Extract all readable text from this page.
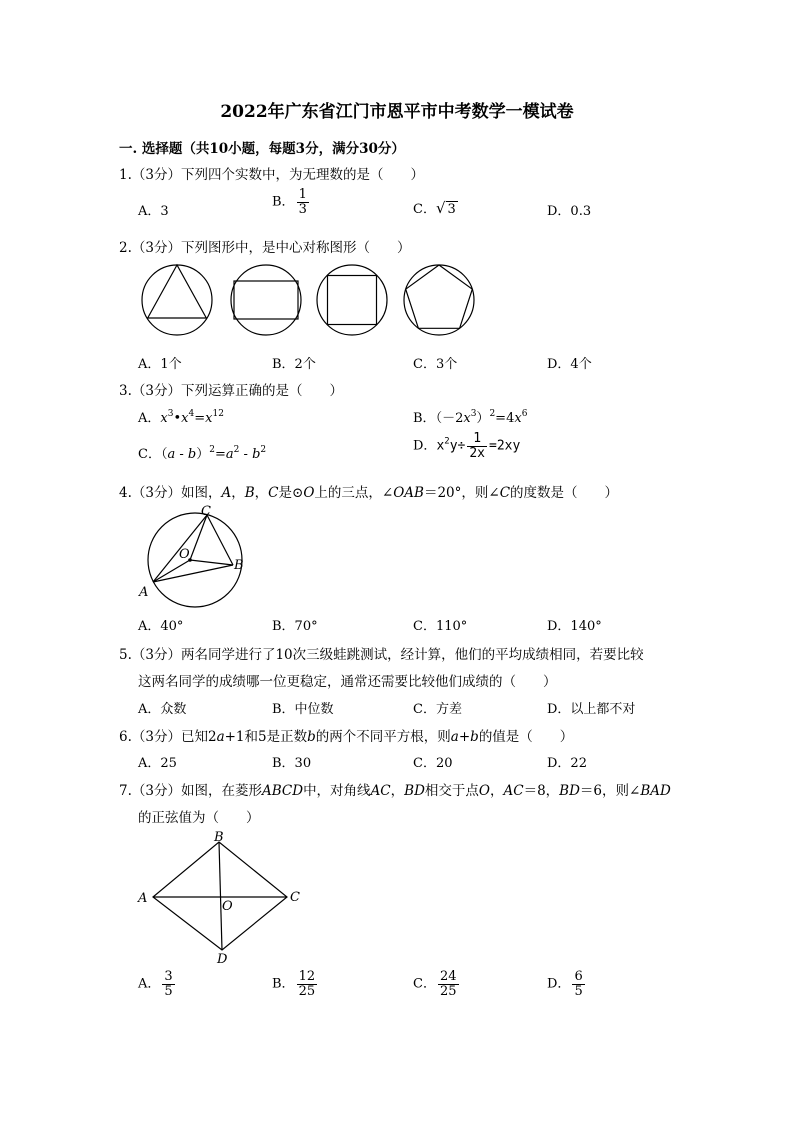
2022年广东省江门市恩平市中考数学一模试卷
一. 选择题（共10小题，每题3分，满分30分）
1.（3分）下列四个实数中，为无理数的是（　　）
A．3
B． $\frac{1}{3}$	C．√ 3	D．0.3
2.（3分）下列图形中，是中心对称图形（　　）
A．1个	B．2个	C．3个	D．4个
3.（3分）下列运算正确的是（　　）
A．$x^3•x^4=x^{12}$	B．$(-2x^3)^2=4x^6$
C．$(a - b)^2=a^2 - b^2$	D．$x^2y\div \frac{1}{2x} =2xy$
4.（3分）如图，A，B，C是⊙O上的三点，∠OAB＝20°，则∠C的度数是（　　）
C
O
B
A
A．40°	B．70°	C．110°	D．140°
5.（3分）两名同学进行了10次三级蛙跳测试，经计算，他们的平均成绩相同，若要比较
这两名同学的成绩哪一位更稳定，通常还需要比较他们成绩的（　　）
A．众数	B．中位数	C．方差	D．以上都不对
6.（3分）已知2a+1和5是正数b的两个不同平方根，则a+b的值是（　　）
A．25	B．30	C．20	D．22
7.（3分）如图，在菱形ABCD中，对角线AC，BD相交于点O，AC＝8，BD＝6，则∠BAD
的正弦值为（　　）
B
A
O
C
D
A． $\frac{3}{5}$	B． $\frac{12}{25}$	C． $\frac{24}{25}$	D． $\frac{6}{5}$
